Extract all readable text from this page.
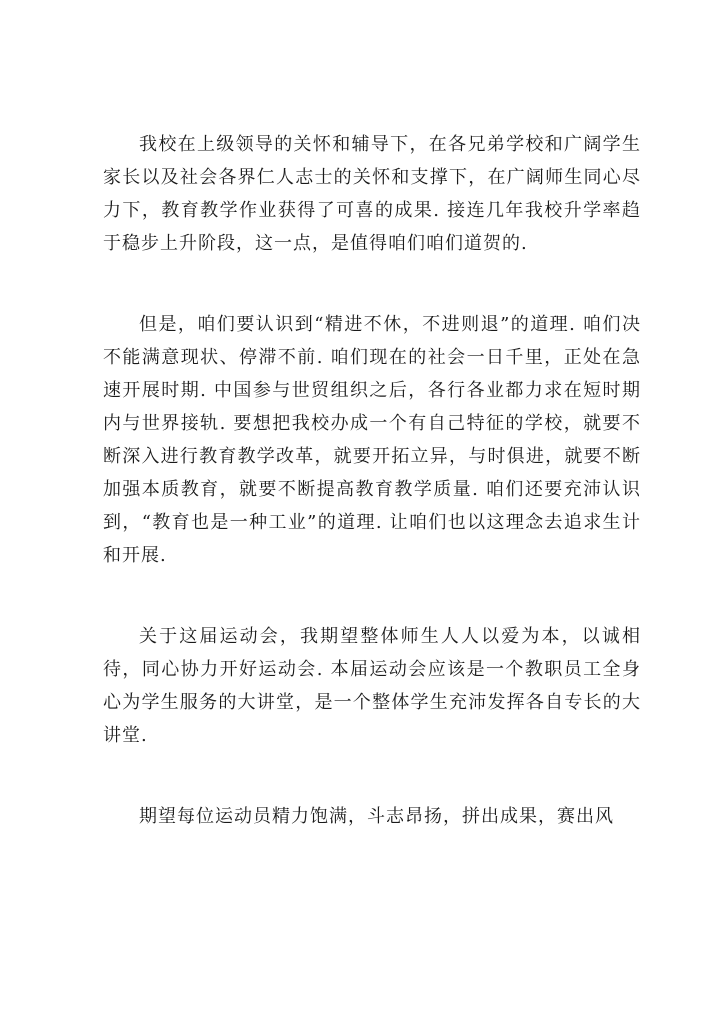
我校在上级领导的关怀和辅导下，在各兄弟学校和广阔学生家长以及社会各界仁人志士的关怀和支撑下，在广阔师生同心尽力下，教育教学作业获得了可喜的成果. 接连几年我校升学率趋于稳步上升阶段，这一点，是值得咱们咱们道贺的.

但是，咱们要认识到“精进不休，不进则退”的道理. 咱们决不能满意现状、停滞不前. 咱们现在的社会一日千里，正处在急速开展时期. 中国参与世贸组织之后，各行各业都力求在短时期内与世界接轨. 要想把我校办成一个有自己特征的学校，就要不断深入进行教育教学改革，就要开拓立异，与时俱进，就要不断加强本质教育，就要不断提高教育教学质量. 咱们还要充沛认识到，“教育也是一种工业”的道理. 让咱们也以这理念去追求生计和开展.

关于这届运动会，我期望整体师生人人以爱为本，以诚相待，同心协力开好运动会. 本届运动会应该是一个教职员工全身心为学生服务的大讲堂，是一个整体学生充沛发挥各自专长的大讲堂.

期望每位运动员精力饱满，斗志昂扬，拼出成果，赛出风
